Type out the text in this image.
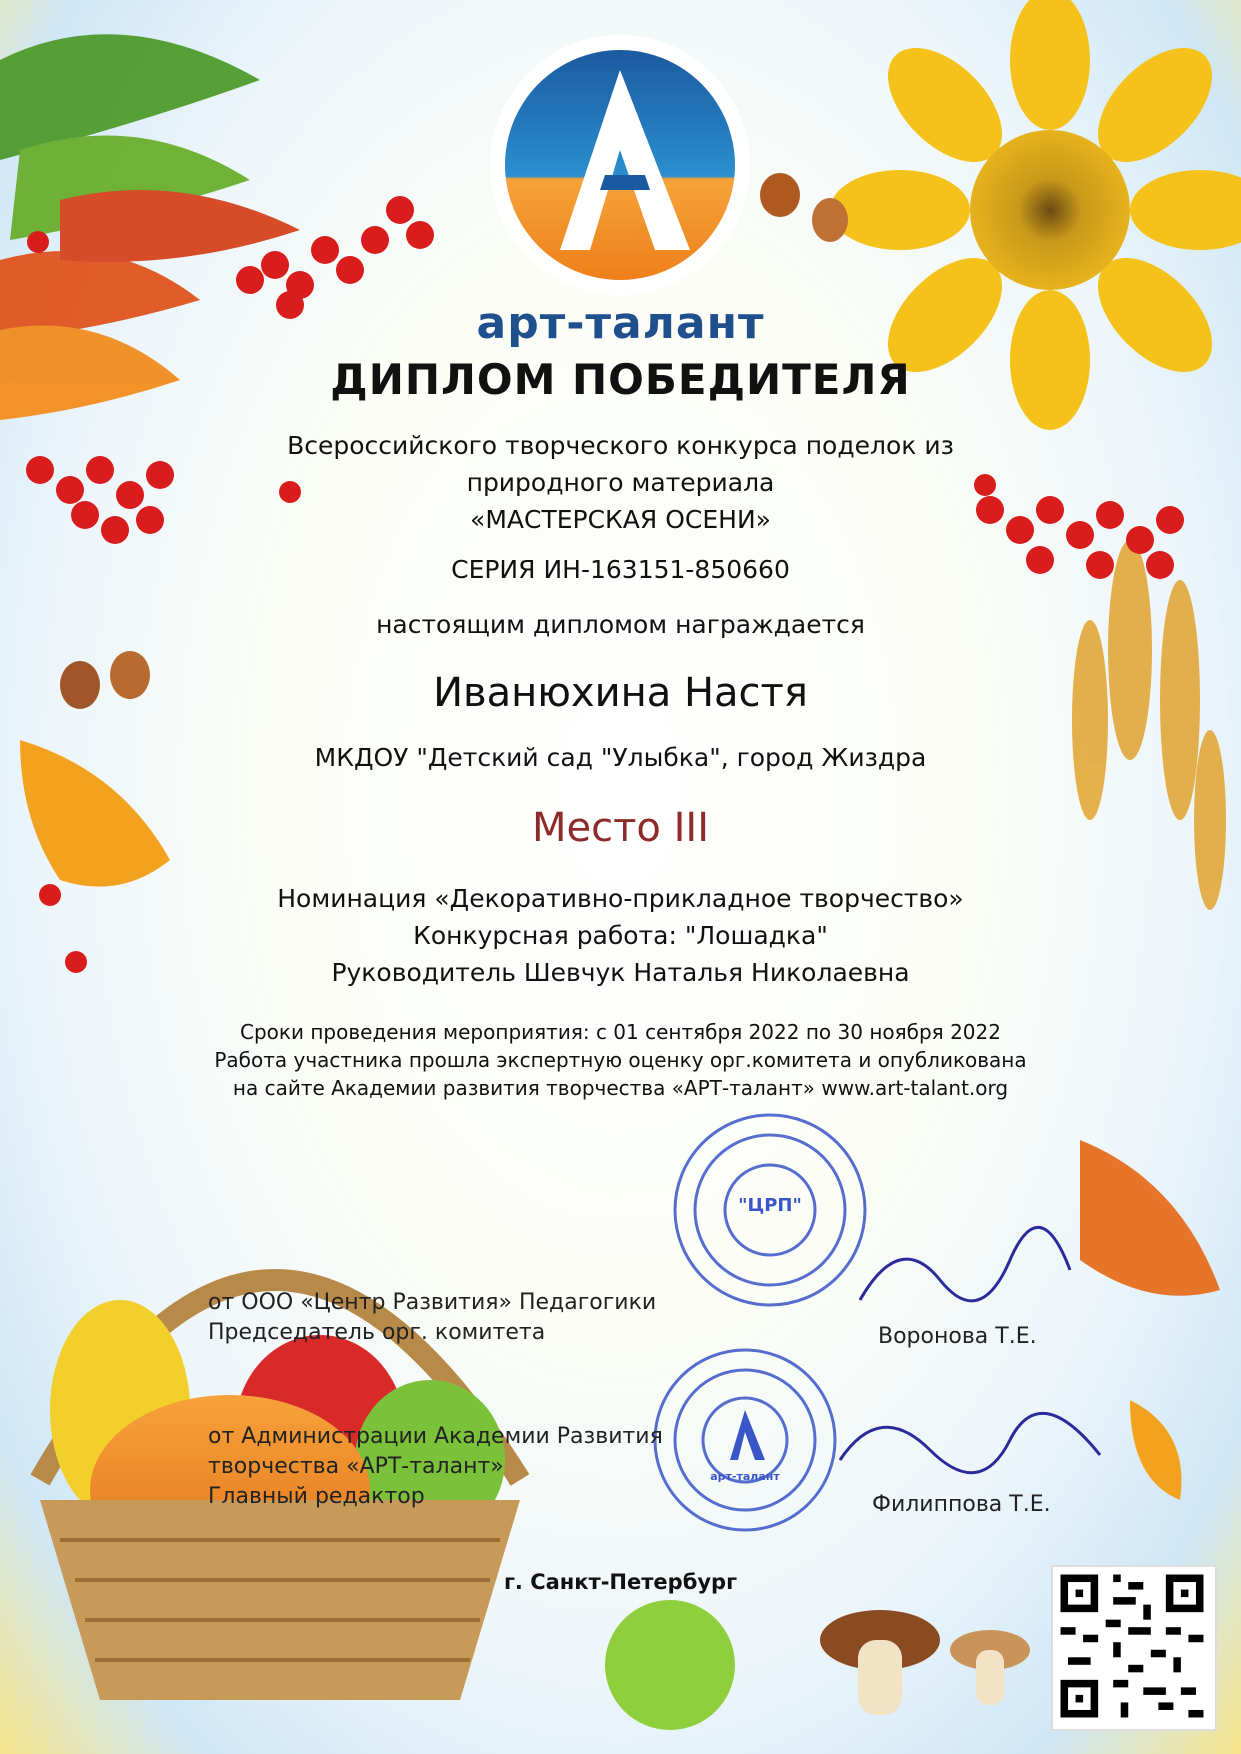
"ЦРП"
арт-талант
арт-талант
ДИПЛОМ ПОБЕДИТЕЛЯ
Всероссийского творческого конкурса поделок из
природного материала
«МАСТЕРСКАЯ ОСЕНИ»
СЕРИЯ ИН-163151-850660
настоящим дипломом награждается
Иванюхина Настя
МКДОУ "Детский сад "Улыбка", город Жиздра
Место III
Номинация «Декоративно-прикладное творчество»
Конкурсная работа: "Лошадка"
Руководитель Шевчук Наталья Николаевна
Сроки проведения мероприятия: с 01 сентября 2022 по 30 ноября 2022
Работа участника прошла экспертную оценку орг.комитета и опубликована
на сайте Академии развития творчества «АРТ-талант» www.art-talant.org
от ООО «Центр Развития» Педагогики
Председатель орг. комитета	Воронова Т.Е.
от Администрации Академии Развития
творчества «АРТ-талант»
Главный редактор	Филиппова Т.Е.
г. Санкт-Петербург
